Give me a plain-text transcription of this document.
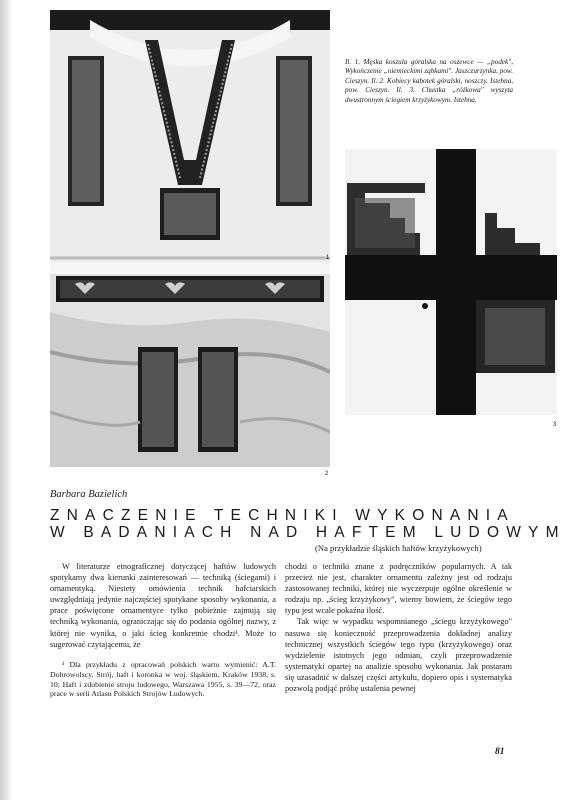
1
Il. 1. Męska koszula góralska na oszewce — „podek", Wykończenie „niemieckimi ząbkami". Jaszczurzynka, pow. Cieszyn. Il. 2. Kobiecy kabotek góralski, noszczy. Istebna, pow. Cieszyn. Il. 3. Chustka „różkowa" wyszyta dwustronnym ściegiem krzyżykowym. Istebna.
3
2
Barbara Bazielich
ZNACZENIE TECHNIKI WYKONANIA
W BADANIACH NAD HAFTEM LUDOWYM
(Na przykładzie śląskich haftów krzyżykowych)

W literaturze etnograficznej dotyczącej haftów ludowych spotykamy dwa kierunki zainteresowań — techniką (ściegami) i ornamentyką. Niestety omówienia technik hafciarskich uwzględniają jedynie najczęściej spotykane sposoby wykonania, a prace poświęcone ornamentyce tylko pobieżnie zajmują się techniką wykonania, ograniczając się do podania ogólnej nazwy, z której nie wynika, o jaki ścieg konkretnie chodzi¹. Może to sugerować czytającemu, że

¹ Dla przykładu z opracowań polskich warto wymienić: A.T. Dobrowolscy, Strój, haft i koronka w woj. śląskiem, Kraków 1938, s. 10; Haft i zdobienie stroju ludowego, Warszawa 1955, s. 39—72, oraz prace w serii Atlasu Polskich Strojów Ludowych.

chodzi o techniki znane z podręczników popularnych. A tak przecież nie jest, charakter ornamentu zależny jest od rodzaju zastosowanej techniki, której nie wyczerpuje ogólne określenie w rodzaju np. „ścieg krzyżykowy", wiemy bowiem, że ściegów tego typu jest wcale pokaźna ilość.

Tak więc w wypadku wspomnianego „ściegu krzyżykowego" nasuwa się konieczność przeprowadzenia dokładnej analizy technicznej wszystkich ściegów tego typu (krzyżykowego) oraz wydzielenie istotnych jego odmian, czyli przeprowadzenie systematyki opartej na analizie sposobu wykonania. Jak postaram się uzasadnić w dalszej części artykułu, dopiero opis i systematyka pozwolą podjąć próbę ustalenia pewnej

81
